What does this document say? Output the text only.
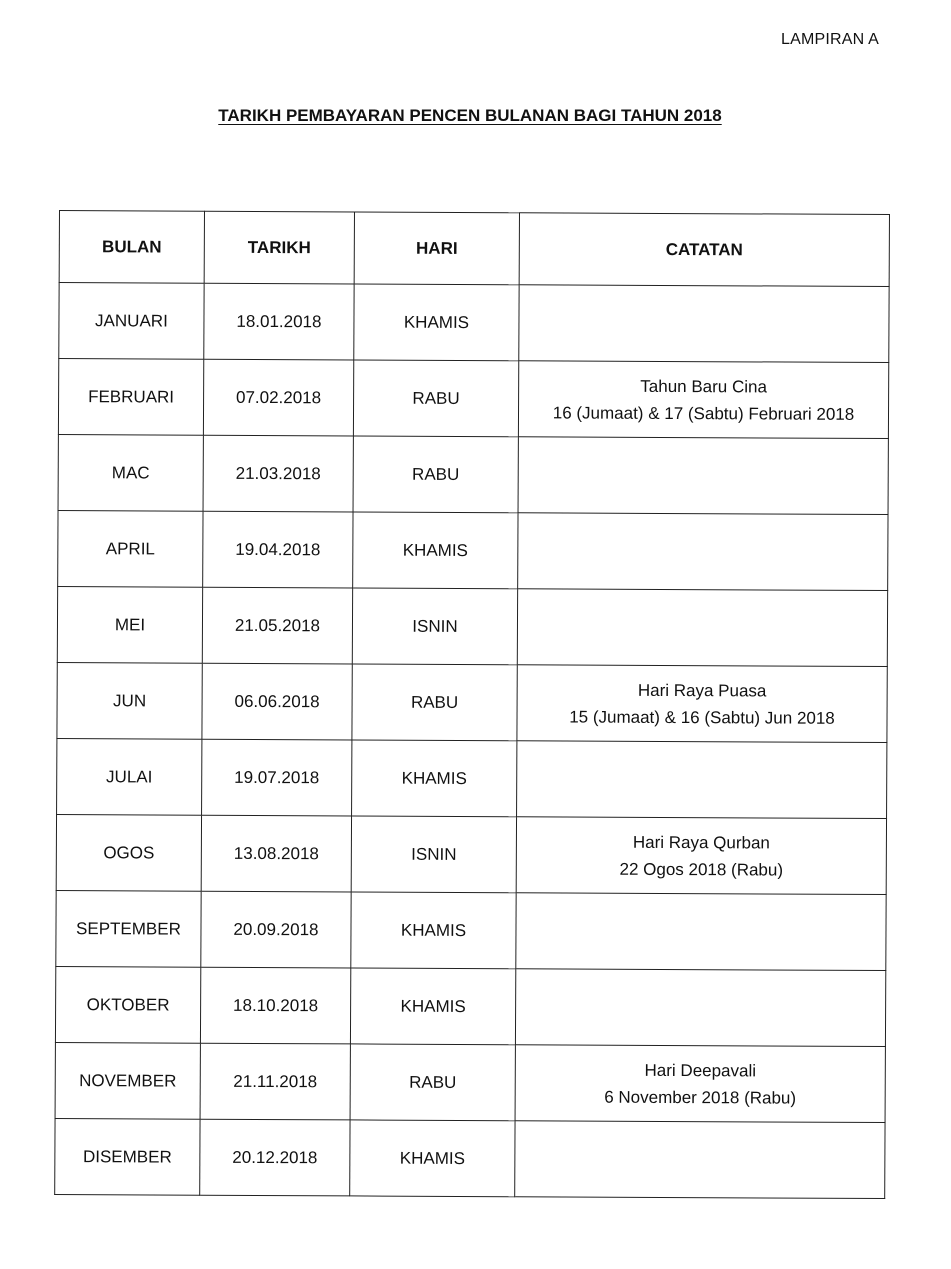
LAMPIRAN A
TARIKH PEMBAYARAN PENCEN BULANAN BAGI TAHUN 2018
BULAN	TARIKH	HARI	CATATAN
JANUARI	18.01.2018	KHAMIS	

FEBRUARI	07.02.2018	RABU	Tahun Baru Cina
16 (Jumaat) & 17 (Sabtu) Februari 2018

MAC	21.03.2018	RABU	

APRIL	19.04.2018	KHAMIS	

MEI	21.05.2018	ISNIN	

JUN	06.06.2018	RABU	Hari Raya Puasa
15 (Jumaat) & 16 (Sabtu) Jun 2018

JULAI	19.07.2018	KHAMIS	

OGOS	13.08.2018	ISNIN	Hari Raya Qurban
22 Ogos 2018 (Rabu)

SEPTEMBER	20.09.2018	KHAMIS	

OKTOBER	18.10.2018	KHAMIS	

NOVEMBER	21.11.2018	RABU	Hari Deepavali
6 November 2018 (Rabu)

DISEMBER	20.12.2018	KHAMIS	
